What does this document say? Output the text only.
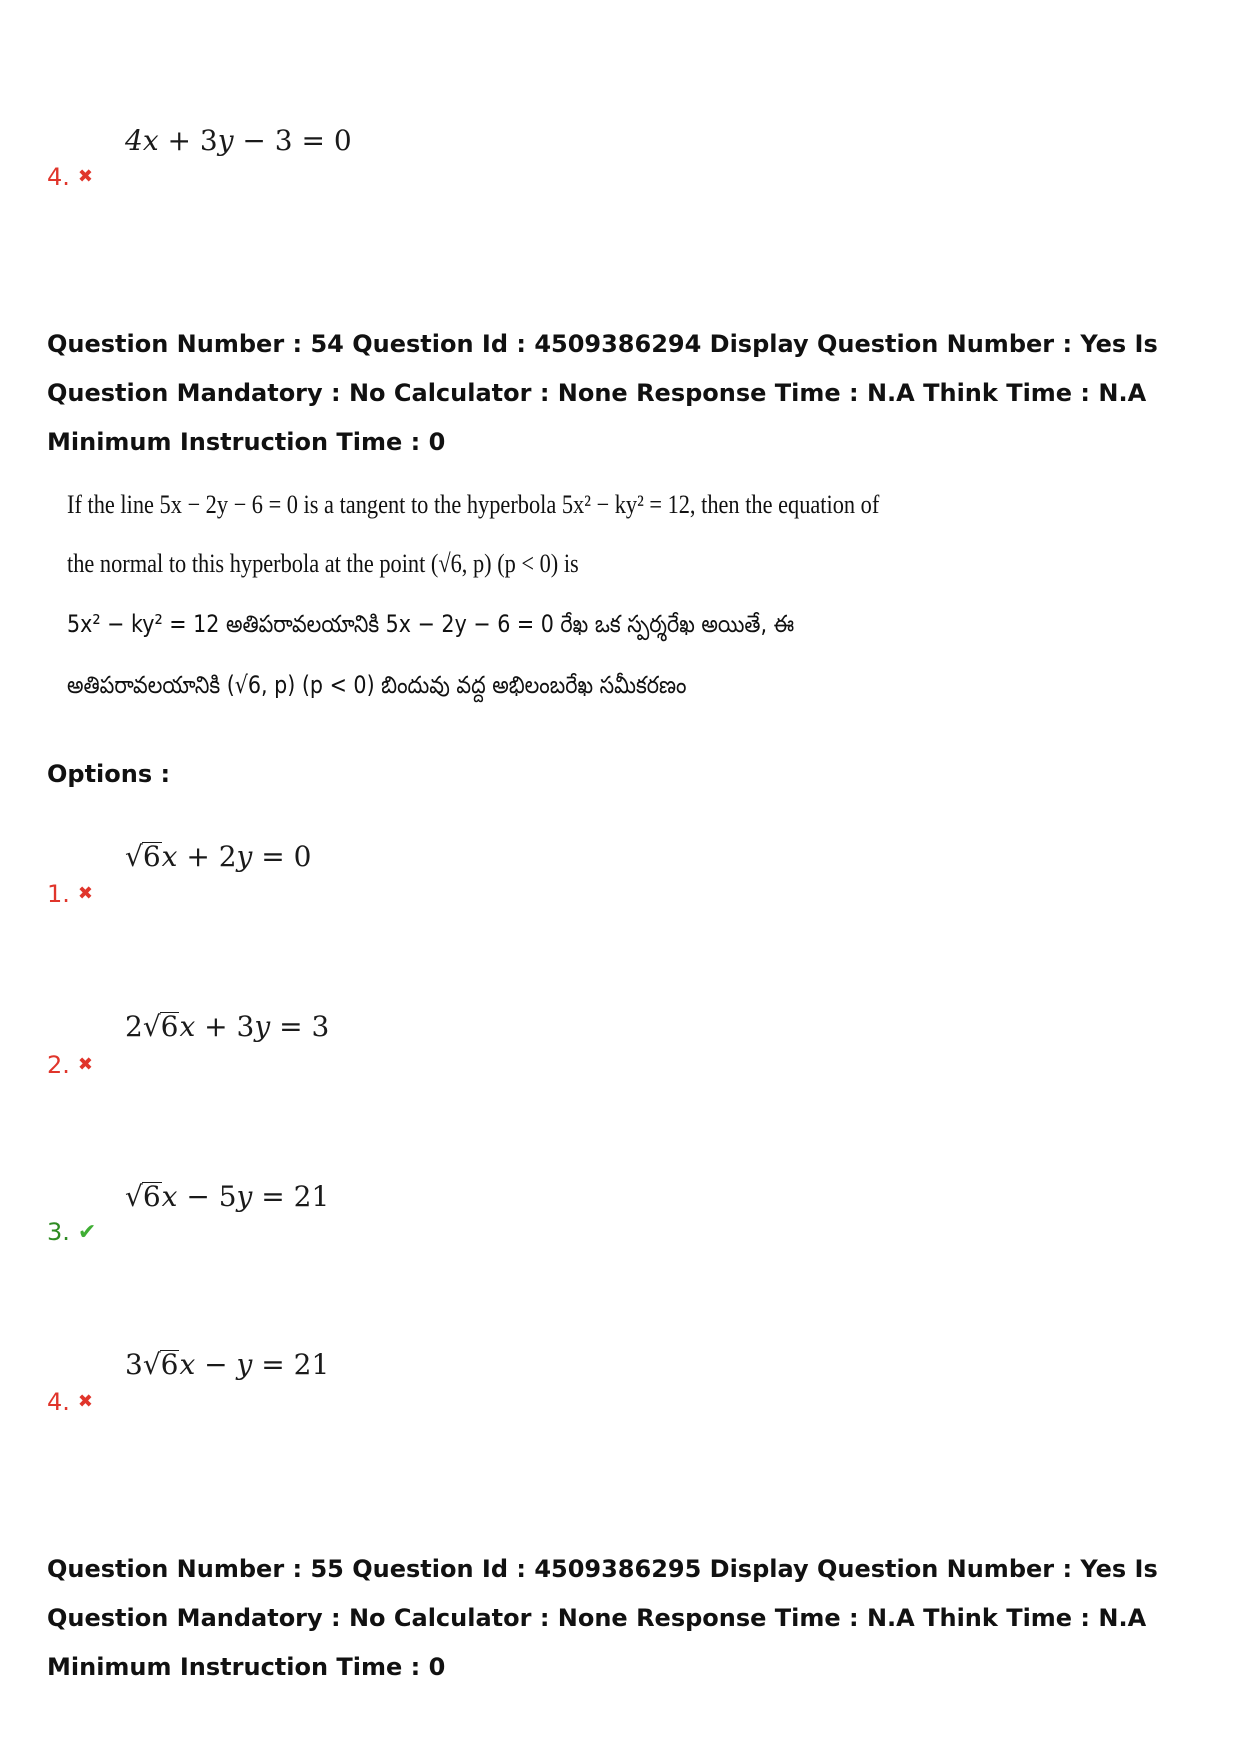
4x + 3y − 3 = 0
4. ✖
Question Number : 54 Question Id : 4509386294 Display Question Number : Yes Is Question Mandatory : No Calculator : None Response Time : N.A Think Time : N.A Minimum Instruction Time : 0
If the line 5x − 2y − 6 = 0 is a tangent to the hyperbola 5x² − ky² = 12, then the equation of
the normal to this hyperbola at the point (√6, p) (p < 0) is
5x² − ky² = 12 అతిపరావలయానికి 5x − 2y − 6 = 0 రేఖ ఒక స్పర్శరేఖ అయితే, ఈ
అతిపరావలయానికి (√6, p) (p < 0) బిందువు వద్ద అభిలంబరేఖ సమీకరణం
Options :
√6x + 2y = 0
1. ✖
2√6x + 3y = 3
2. ✖
√6x − 5y = 21
3. ✔
3√6x − y = 21
4. ✖
Question Number : 55 Question Id : 4509386295 Display Question Number : Yes Is Question Mandatory : No Calculator : None Response Time : N.A Think Time : N.A Minimum Instruction Time : 0
